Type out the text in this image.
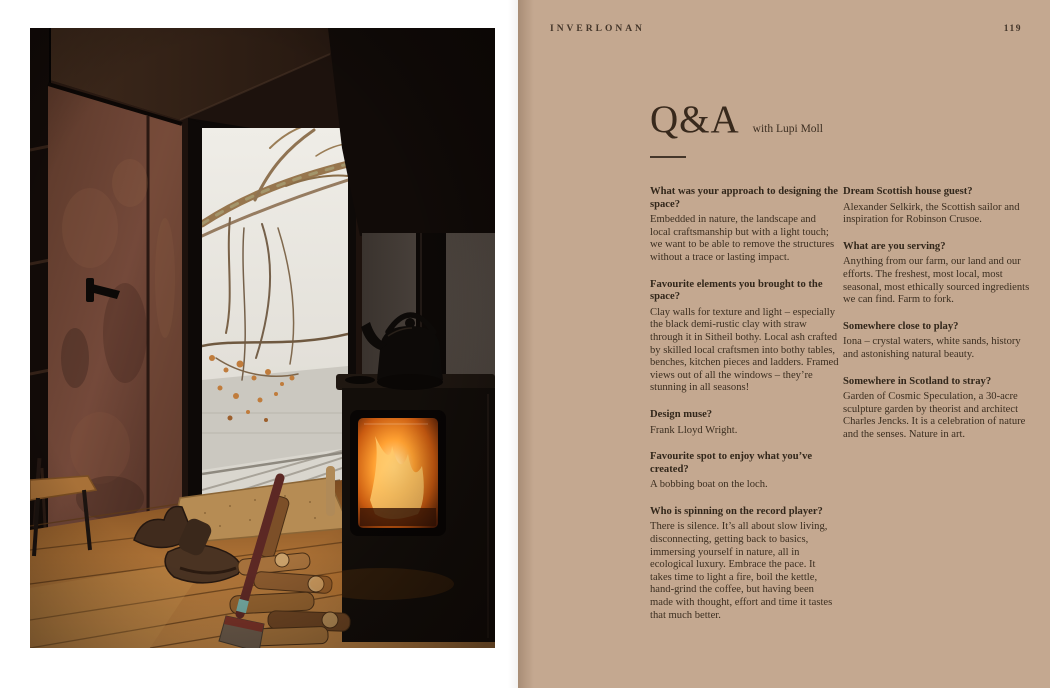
INVERLONAN	119
Q&A with Lupi Moll

What was your approach to designing the space?

Embedded in nature, the landscape and local craftsmanship but with a light touch; we want to be able to remove the structures without a trace or lasting impact.

Favourite elements you brought to the space?

Clay walls for texture and light – especially the black demi-rustic clay with straw through it in Sitheil bothy. Local ash crafted by skilled local craftsmen into bothy tables, benches, kitchen pieces and ladders. Framed views out of all the windows – they’re stunning in all seasons!

Design muse?

Frank Lloyd Wright.

Favourite spot to enjoy what you’ve created?

A bobbing boat on the loch.

Who is spinning on the record player?

There is silence. It’s all about slow living, disconnecting, getting back to basics, immersing yourself in nature, all in ecological luxury. Embrace the pace. It takes time to light a fire, boil the kettle, hand-grind the coffee, but having been made with thought, effort and time it tastes that much better.

Dream Scottish house guest?

Alexander Selkirk, the Scottish sailor and inspiration for Robinson Crusoe.

What are you serving?

Anything from our farm, our land and our efforts. The freshest, most local, most seasonal, most ethically sourced ingredients we can find. Farm to fork.

Somewhere close to play?

Iona – crystal waters, white sands, history and astonishing natural beauty.

Somewhere in Scotland to stray?

Garden of Cosmic Speculation, a 30-acre sculpture garden by theorist and architect Charles Jencks. It is a celebration of nature and the senses. Nature in art.
